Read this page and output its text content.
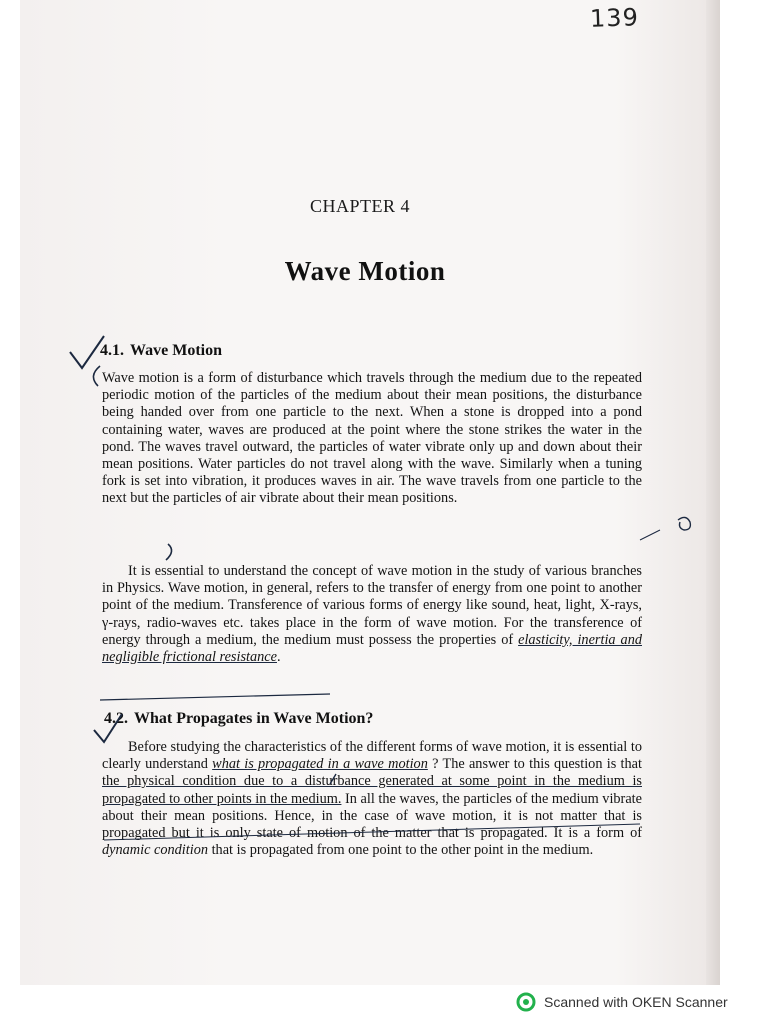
139
CHAPTER 4
Wave Motion
4.1. Wave Motion
Wave motion is a form of disturbance which travels through the medium due to the repeated periodic motion of the particles of the medium about their mean positions, the disturbance being handed over from one particle to the next. When a stone is dropped into a pond containing water, waves are produced at the point where the stone strikes the water in the pond. The waves travel outward, the particles of water vibrate only up and down about their mean positions. Water particles do not travel along with the wave. Similarly when a tuning fork is set into vibration, it produces waves in air. The wave travels from one particle to the next but the particles of air vibrate about their mean positions.
It is essential to understand the concept of wave motion in the study of various branches in Physics. Wave motion, in general, refers to the transfer of energy from one point to another point of the medium. Transference of various forms of energy like sound, heat, light, X-rays, γ-rays, radio-waves etc. takes place in the form of wave motion. For the transference of energy through a medium, the medium must possess the properties of elasticity, inertia and negligible frictional resistance.
4.2. What Propagates in Wave Motion?
Before studying the characteristics of the different forms of wave motion, it is essential to clearly understand what is propagated in a wave motion ? The answer to this question is that the physical condition due to a disturbance generated at some point in the medium is propagated to other points in the medium. In all the waves, the particles of the medium vibrate about their mean positions. Hence, in the case of wave motion, it is not matter that is propagated but it is only state of motion of the matter that is propagated. It is a form of dynamic condition that is propagated from one point to the other point in the medium.
Scanned with OKEN Scanner
